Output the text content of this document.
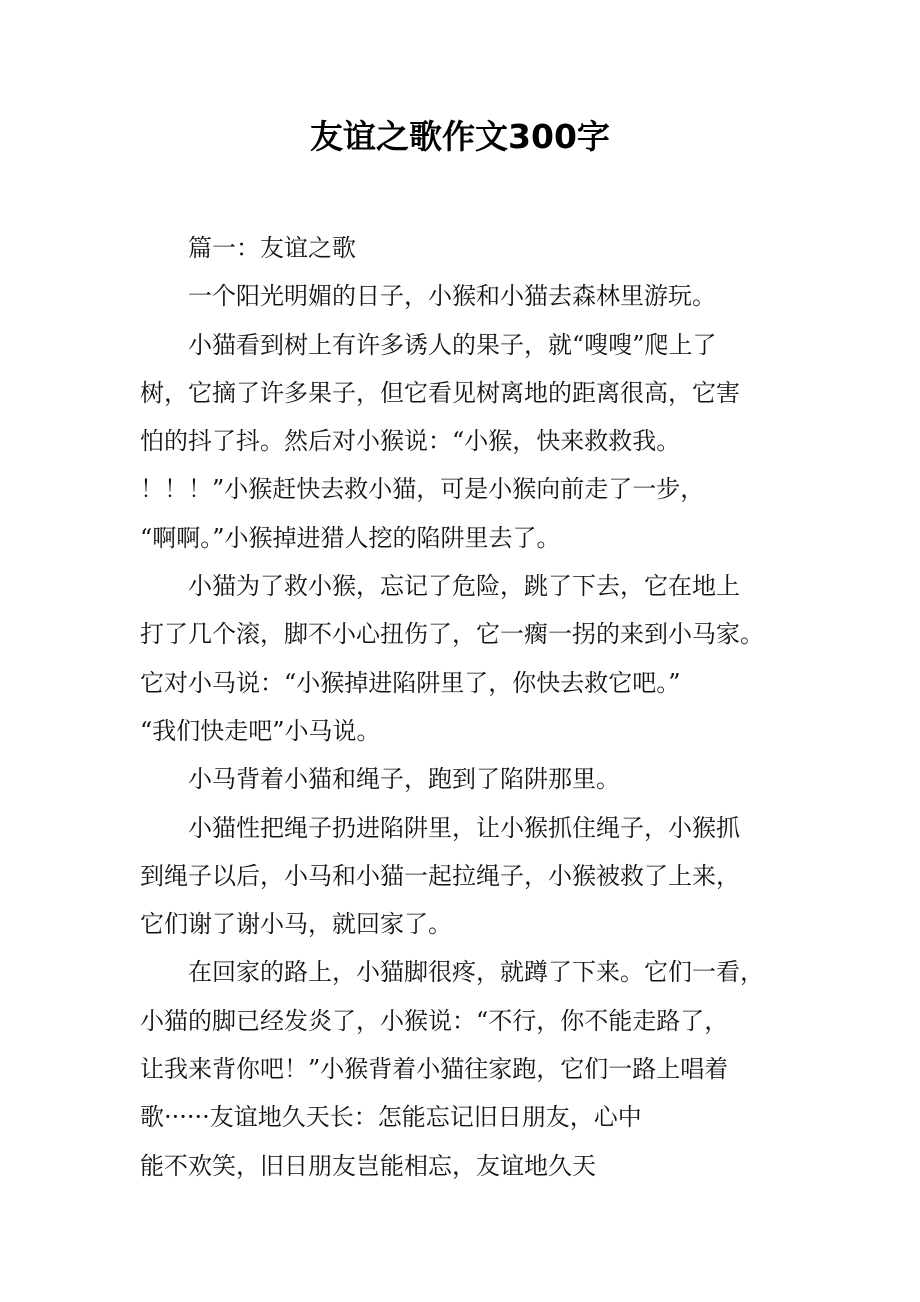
友谊之歌作文300字
篇一：友谊之歌
一个阳光明媚的日子，小猴和小猫去森林里游玩。
小猫看到树上有许多诱人的果子，就“嗖嗖”爬上了
树，它摘了许多果子，但它看见树离地的距离很高，它害
怕的抖了抖。然后对小猴说：“小猴，快来救救我。
！！！”小猴赶快去救小猫，可是小猴向前走了一步，
“啊啊。”小猴掉进猎人挖的陷阱里去了。
小猫为了救小猴，忘记了危险，跳了下去，它在地上
打了几个滚，脚不小心扭伤了，它一瘸一拐的来到小马家。
它对小马说：“小猴掉进陷阱里了，你快去救它吧。”
“我们快走吧”小马说。
小马背着小猫和绳子，跑到了陷阱那里。
小猫性把绳子扔进陷阱里，让小猴抓住绳子，小猴抓
到绳子以后，小马和小猫一起拉绳子，小猴被救了上来，
它们谢了谢小马，就回家了。
在回家的路上，小猫脚很疼，就蹲了下来。它们一看，
小猫的脚已经发炎了，小猴说：“不行，你不能走路了，
让我来背你吧！”小猴背着小猫往家跑，它们一路上唱着
歌······友谊地久天长：怎能忘记旧日朋友，心中
能不欢笑，旧日朋友岂能相忘，友谊地久天
